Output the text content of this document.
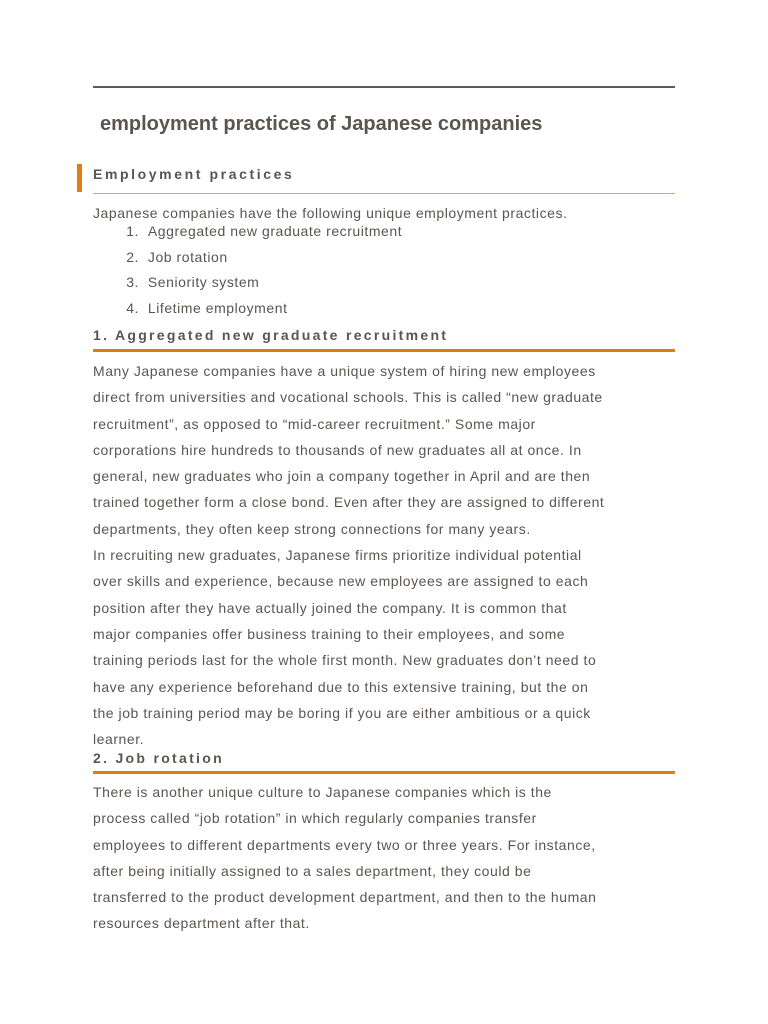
employment practices of Japanese companies
Employment practices

Japanese companies have the following unique employment practices.

1. Aggregated new graduate recruitment
2. Job rotation
3. Seniority system
4. Lifetime employment
1. Aggregated new graduate recruitment
Many Japanese companies have a unique system of hiring new employees
direct from universities and vocational schools. This is called “new graduate
recruitment”, as opposed to “mid-career recruitment.” Some major
corporations hire hundreds to thousands of new graduates all at once. In
general, new graduates who join a company together in April and are then
trained together form a close bond. Even after they are assigned to different
departments, they often keep strong connections for many years.
In recruiting new graduates, Japanese firms prioritize individual potential
over skills and experience, because new employees are assigned to each
position after they have actually joined the company. It is common that
major companies offer business training to their employees, and some
training periods last for the whole first month. New graduates don’t need to
have any experience beforehand due to this extensive training, but the on
the job training period may be boring if you are either ambitious or a quick
learner.
2. Job rotation
There is another unique culture to Japanese companies which is the
process called “job rotation” in which regularly companies transfer
employees to different departments every two or three years. For instance,
after being initially assigned to a sales department, they could be
transferred to the product development department, and then to the human
resources department after that.
